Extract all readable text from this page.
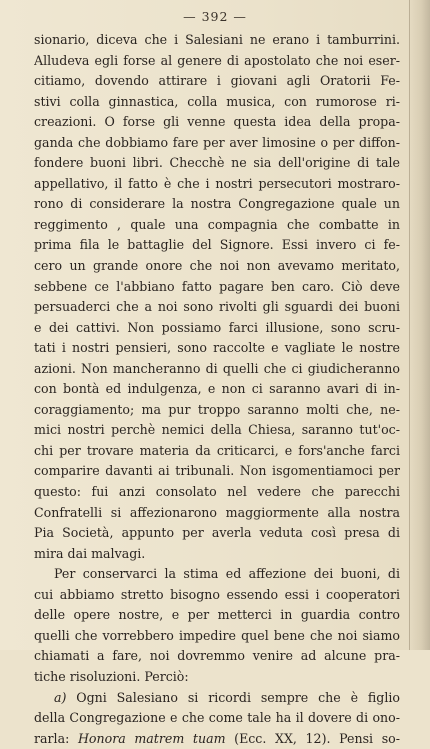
— 392 —
sionario, diceva che i Salesiani ne erano i tamburrini.
Alludeva egli forse al genere di apostolato che noi eser-
citiamo, dovendo attirare i giovani agli Oratorii Fe-
stivi colla ginnastica, colla musica, con rumorose ri-
creazioni. O forse gli venne questa idea della propa-
ganda che dobbiamo fare per aver limosine o per diffon-
fondere buoni libri. Checchè ne sia dell'origine di tale
appellativo, il fatto è che i nostri persecutori mostraro-
rono di considerare la nostra Congregazione quale un
reggimento , quale una compagnia che combatte in
prima fila le battaglie del Signore. Essi invero ci fe-
cero un grande onore che noi non avevamo meritato,
sebbene ce l'abbiano fatto pagare ben caro. Ciò deve
persuaderci che a noi sono rivolti gli sguardi dei buoni
e dei cattivi. Non possiamo farci illusione, sono scru-
tati i nostri pensieri, sono raccolte e vagliate le nostre
azioni. Non mancheranno di quelli che ci giudicheranno
con bontà ed indulgenza, e non ci saranno avari di in-
coraggiamento; ma pur troppo saranno molti che, ne-
mici nostri perchè nemici della Chiesa, saranno tut'oc-
chi per trovare materia da criticarci, e fors'anche farci
comparire davanti ai tribunali. Non isgomentiamoci per
questo: fui anzi consolato nel vedere che parecchi
Confratelli si affezionarono maggiormente alla nostra
Pia Società, appunto per averla veduta così presa di
mira dai malvagi.
Per conservarci la stima ed affezione dei buoni, di
cui abbiamo stretto bisogno essendo essi i cooperatori
delle opere nostre, e per metterci in guardia contro
quelli che vorrebbero impedire quel bene che noi siamo
chiamati a fare, noi dovremmo venire ad alcune pra-
tiche risoluzioni. Perciò:
a) Ogni Salesiano si ricordi sempre che è figlio
della Congregazione e che come tale ha il dovere di ono-
rarla: Honora matrem tuam (Ecc. XX, 12). Pensi so-
